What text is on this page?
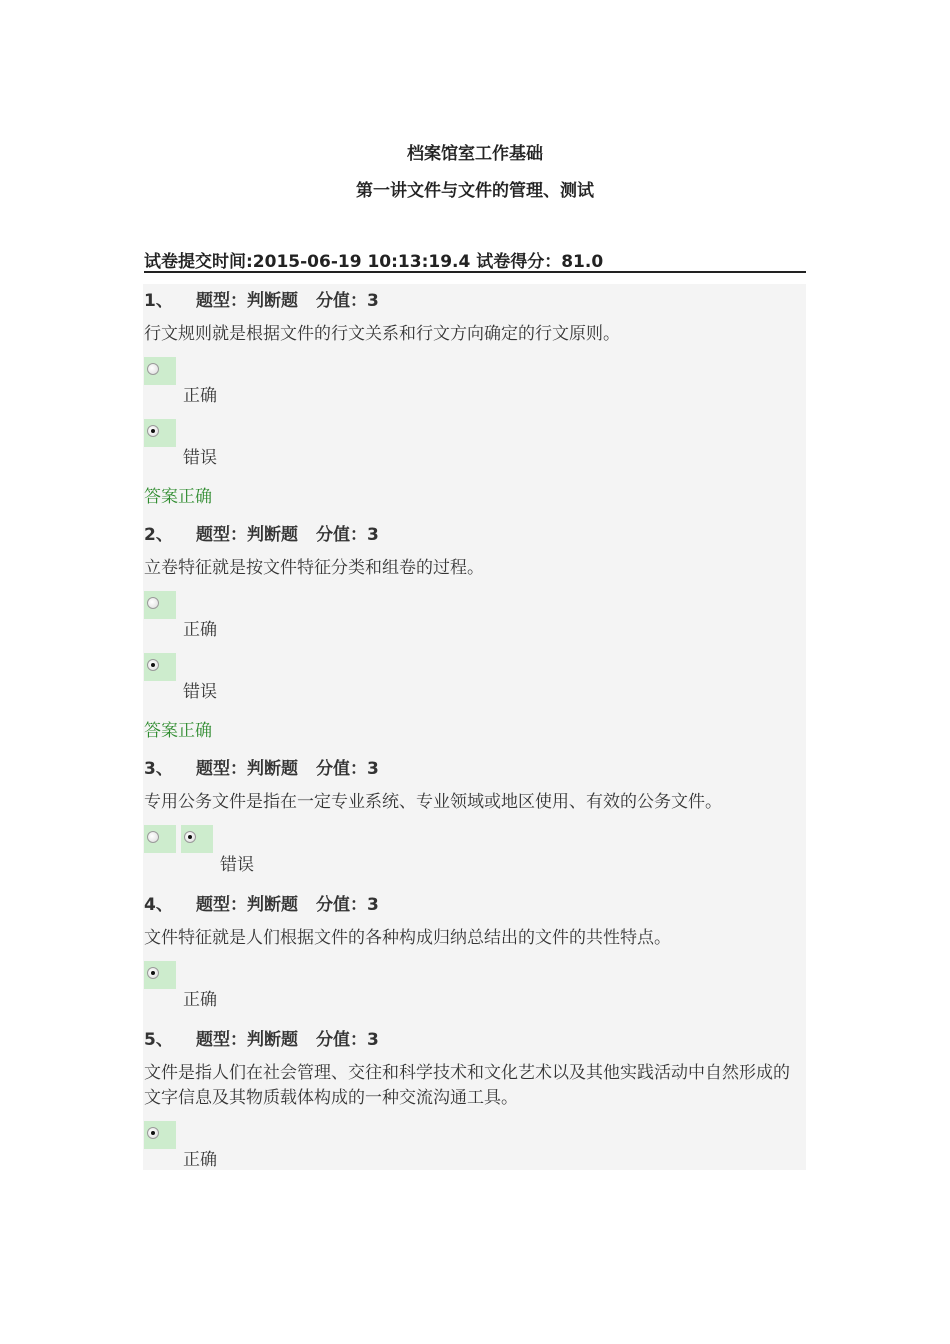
档案馆室工作基础
第一讲文件与文件的管理、测试
试卷提交时间:2015-06-19 10:13:19.4 试卷得分：81.0
1、 题型：判断题 分值：3
行文规则就是根据文件的行文关系和行文方向确定的行文原则。
正确
错误
答案正确
2、 题型：判断题 分值：3
立卷特征就是按文件特征分类和组卷的过程。
正确
错误
答案正确
3、 题型：判断题 分值：3
专用公务文件是指在一定专业系统、专业领域或地区使用、有效的公务文件。
错误
4、 题型：判断题 分值：3
文件特征就是人们根据文件的各种构成归纳总结出的文件的共性特点。
正确
5、 题型：判断题 分值：3
文件是指人们在社会管理、交往和科学技术和文化艺术以及其他实践活动中自然形成的文字信息及其物质载体构成的一种交流沟通工具。
正确
